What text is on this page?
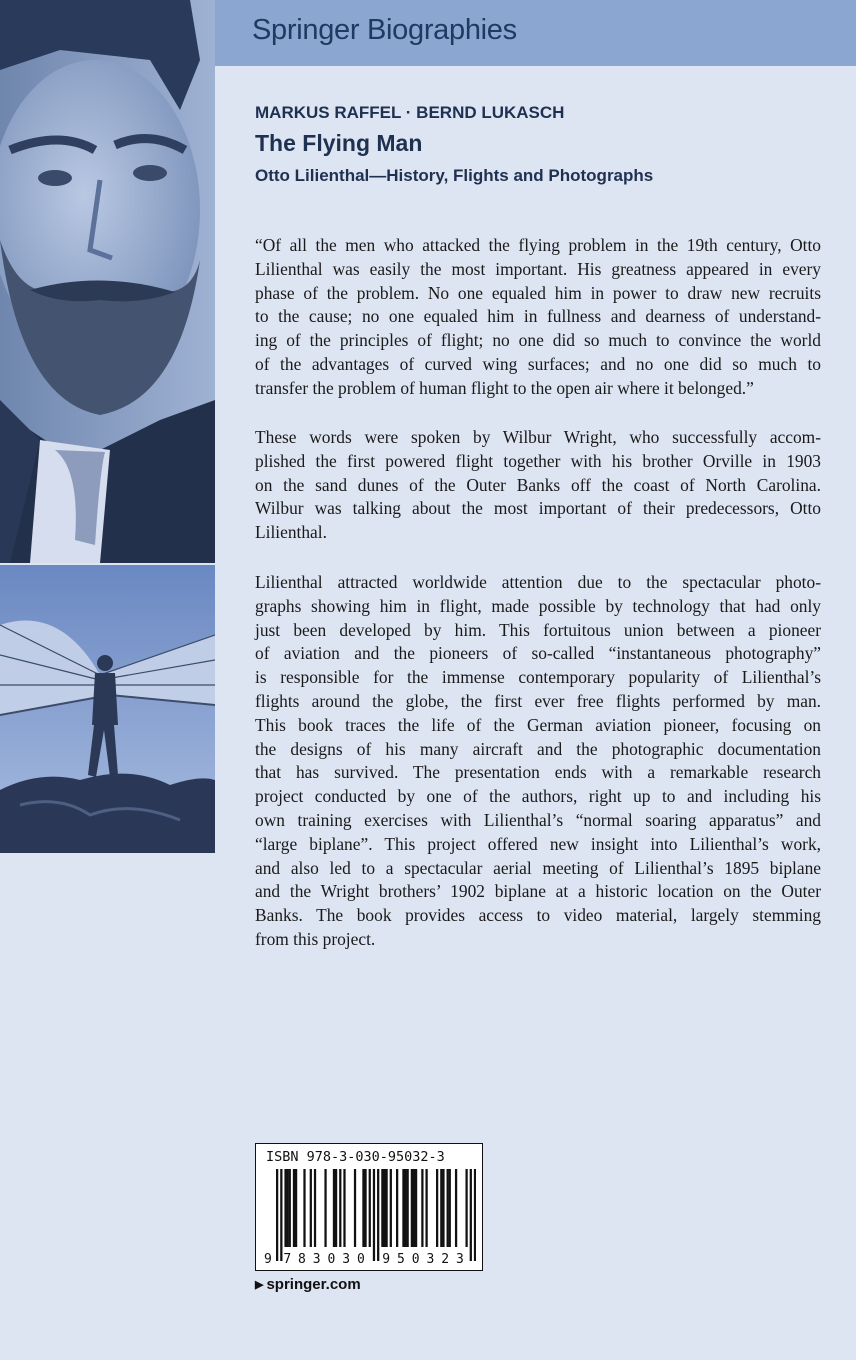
Springer Biographies
MARKUS RAFFEL · BERND LUKASCH
The Flying Man
Otto Lilienthal—History, Flights and Photographs
“Of all the men who attacked the flying problem in the 19th century, Otto
Lilienthal was easily the most important. His greatness appeared in every
phase of the problem. No one equaled him in power to draw new recruits
to the cause; no one equaled him in fullness and dearness of understand-
ing of the principles of flight; no one did so much to convince the world
of the advantages of curved wing surfaces; and no one did so much to
transfer the problem of human flight to the open air where it belonged.”
These words were spoken by Wilbur Wright, who successfully accom-
plished the first powered flight together with his brother Orville in 1903
on the sand dunes of the Outer Banks off the coast of North Carolina.
Wilbur was talking about the most important of their predecessors, Otto
Lilienthal.
Lilienthal attracted worldwide attention due to the spectacular photo-
graphs showing him in flight, made possible by technology that had only
just been developed by him. This fortuitous union between a pioneer
of aviation and the pioneers of so-called “instantaneous photography”
is responsible for the immense contemporary popularity of Lilienthal’s
flights around the globe, the first ever free flights performed by man.
This book traces the life of the German aviation pioneer, focusing on
the designs of his many aircraft and the photographic documentation
that has survived. The presentation ends with a remarkable research
project conducted by one of the authors, right up to and including his
own training exercises with Lilienthal’s “normal soaring apparatus” and
“large biplane”. This project offered new insight into Lilienthal’s work,
and also led to a spectacular aerial meeting of Lilienthal’s 1895 biplane
and the Wright brothers’ 1902 biplane at a historic location on the Outer
Banks. The book provides access to video material, largely stemming
from this project.
ISBN 978-3-030-95032-3
9 7 8 3 0 3 0 9 5 0 3 2 3
▶ springer.com
